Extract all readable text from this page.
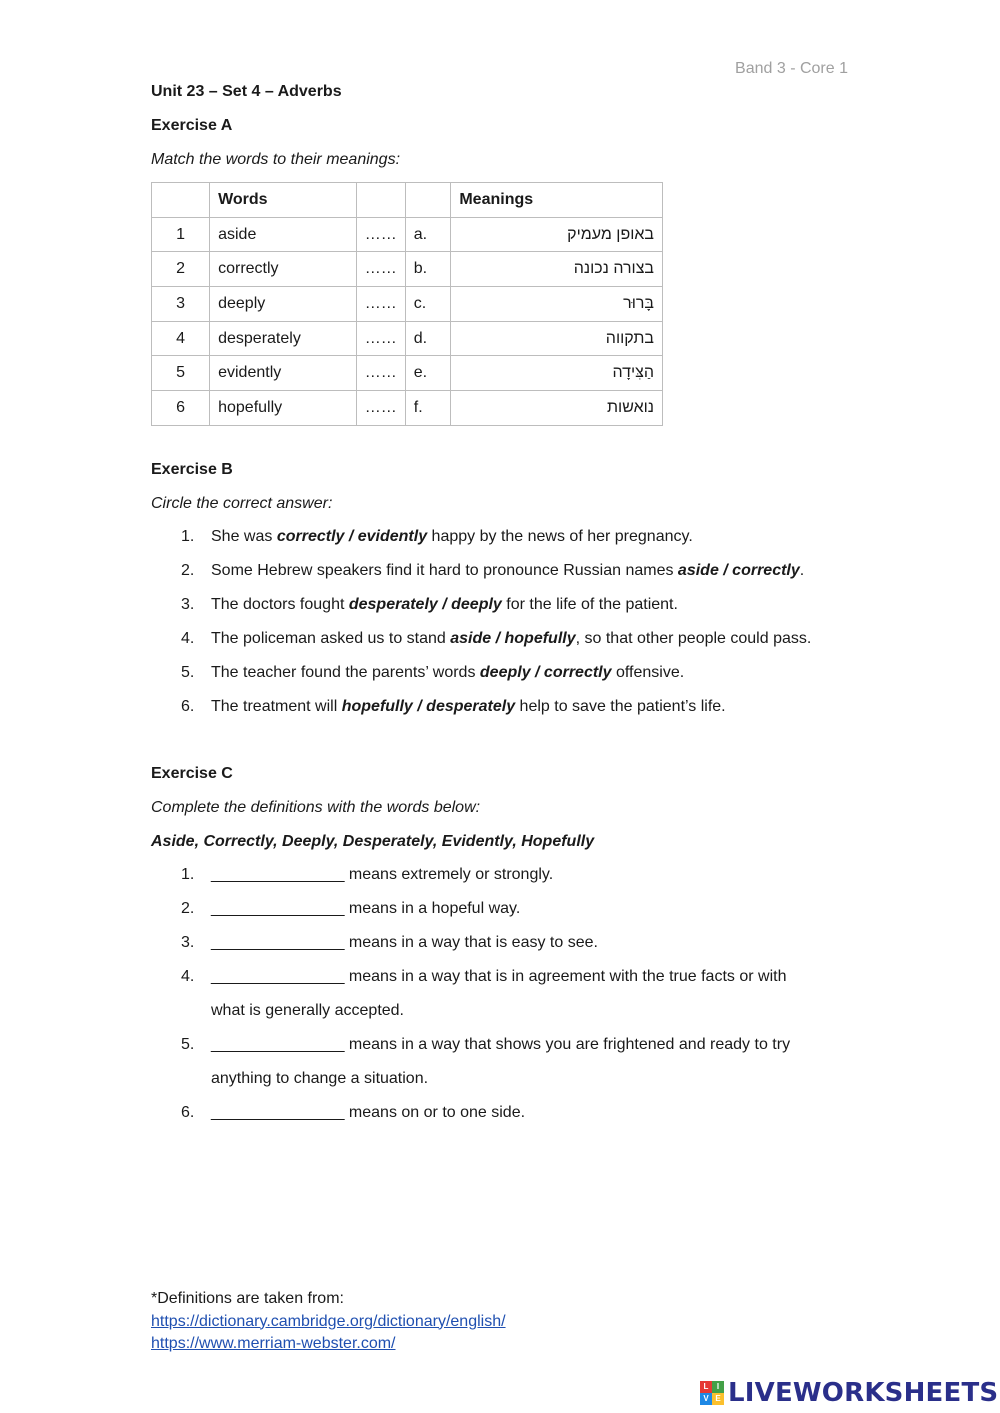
Band 3 - Core 1
Unit 23 – Set 4 – Adverbs
Exercise A
Match the words to their meanings:
	Words			Meanings
1	aside	……	a.	באופן מעמיק
2	correctly	……	b.	בצורה נכונה
3	deeply	……	c.	בָּרוּר
4	desperately	……	d.	בתקווה
5	evidently	……	e.	הַצִּידָה
6	hopefully	……	f.	נואשות
Exercise B
Circle the correct answer:
1. She was correctly / evidently happy by the news of her pregnancy.
2. Some Hebrew speakers find it hard to pronounce Russian names aside / correctly.
3. The doctors fought desperately / deeply for the life of the patient.
4. The policeman asked us to stand aside / hopefully, so that other people could pass.
5. The teacher found the parents’ words deeply / correctly offensive.
6. The treatment will hopefully / desperately help to save the patient’s life.
Exercise C
Complete the definitions with the words below:
Aside, Correctly, Deeply, Desperately, Evidently, Hopefully
1. _______________ means extremely or strongly.
2. _______________ means in a hopeful way.
3. _______________ means in a way that is easy to see.
4. _______________ means in a way that is in agreement with the true facts or with
what is generally accepted.
5. _______________ means in a way that shows you are frightened and ready to try
anything to change a situation.
6. _______________ means on or to one side.
*Definitions are taken from:
https://dictionary.cambridge.org/dictionary/english/
https://www.merriam-webster.com/
L	I
V E LIVEWORKSHEETS
